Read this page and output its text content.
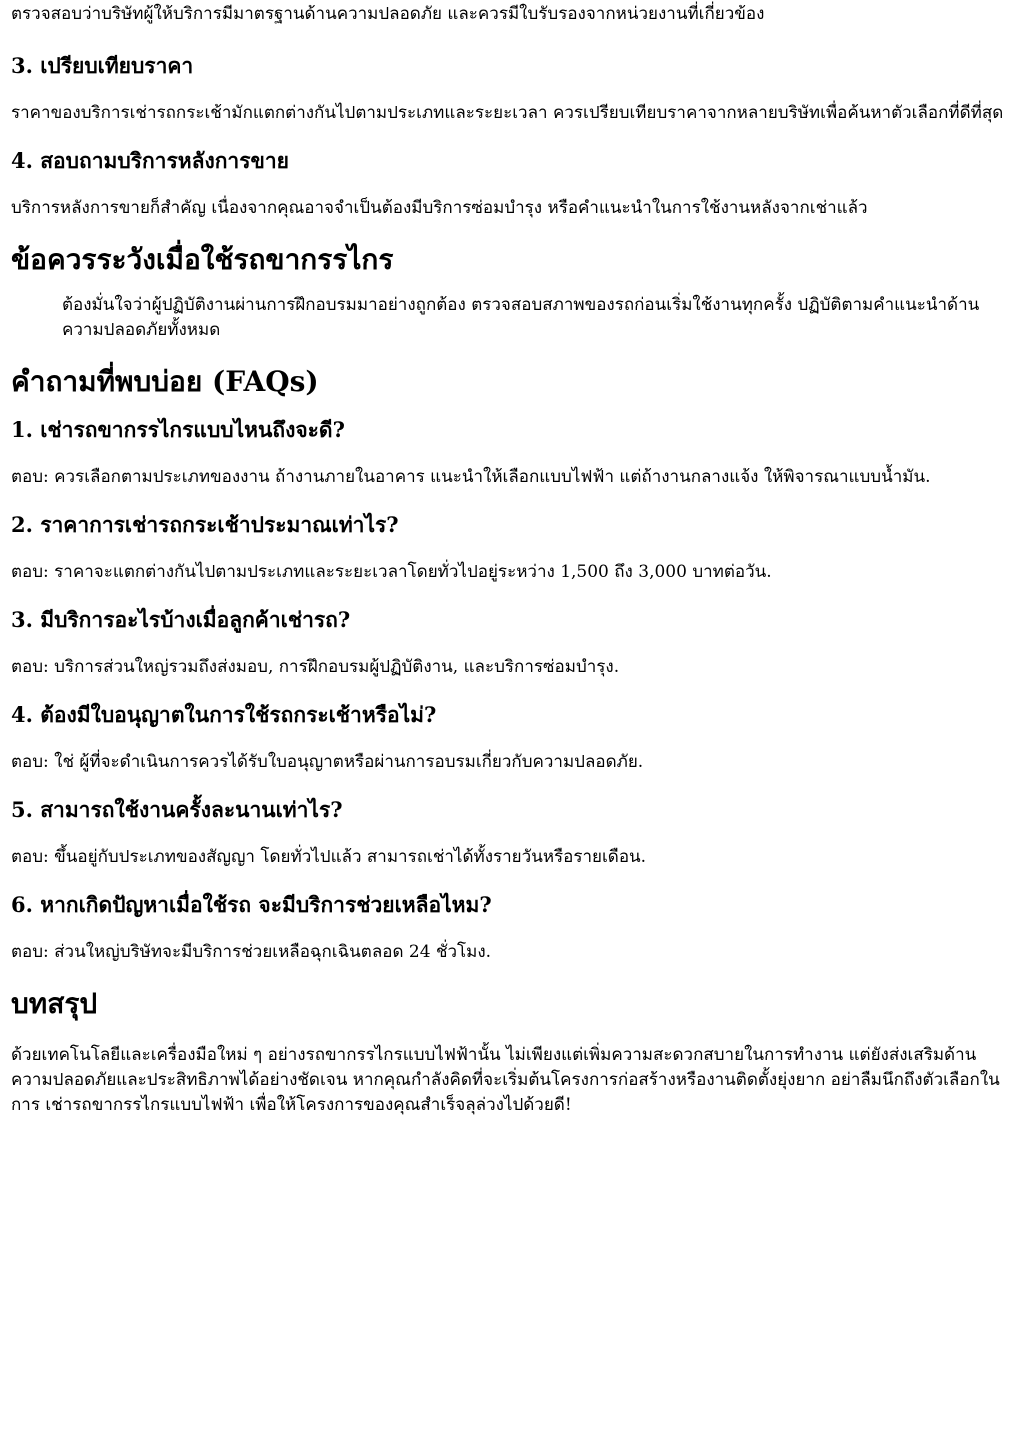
ตรวจสอบว่าบริษัทผู้ให้บริการมีมาตรฐานด้านความปลอดภัย และควรมีใบรับรองจากหน่วยงานที่เกี่ยวข้อง

3. เปรียบเทียบราคา

ราคาของบริการเช่ารถกระเช้ามักแตกต่างกันไปตามประเภทและระยะเวลา ควรเปรียบเทียบราคาจากหลายบริษัทเพื่อค้นหาตัวเลือกที่ดีที่สุด

4. สอบถามบริการหลังการขาย

บริการหลังการขายก็สำคัญ เนื่องจากคุณอาจจำเป็นต้องมีบริการซ่อมบำรุง หรือคำแนะนำในการใช้งานหลังจากเช่าแล้ว

ข้อควรระวังเมื่อใช้รถขากรรไกร
ต้องมั่นใจว่าผู้ปฏิบัติงานผ่านการฝึกอบรมมาอย่างถูกต้อง ตรวจสอบสภาพของรถก่อนเริ่มใช้งานทุกครั้ง ปฏิบัติตามคำแนะนำด้านความปลอดภัยทั้งหมด
คำถามที่พบบ่อย (FAQs)
1. เช่ารถขากรรไกรแบบไหนถึงจะดี?

ตอบ: ควรเลือกตามประเภทของงาน ถ้างานภายในอาคาร แนะนำให้เลือกแบบไฟฟ้า แต่ถ้างานกลางแจ้ง ให้พิจารณาแบบน้ำมัน.

2. ราคาการเช่ารถกระเช้าประมาณเท่าไร?

ตอบ: ราคาจะแตกต่างกันไปตามประเภทและระยะเวลาโดยทั่วไปอยู่ระหว่าง 1,500 ถึง 3,000 บาทต่อวัน.

3. มีบริการอะไรบ้างเมื่อลูกค้าเช่ารถ?

ตอบ: บริการส่วนใหญ่รวมถึงส่งมอบ, การฝึกอบรมผู้ปฏิบัติงาน, และบริการซ่อมบำรุง.

4. ต้องมีใบอนุญาตในการใช้รถกระเช้าหรือไม่?

ตอบ: ใช่ ผู้ที่จะดำเนินการควรได้รับใบอนุญาตหรือผ่านการอบรมเกี่ยวกับความปลอดภัย.

5. สามารถใช้งานครั้งละนานเท่าไร?

ตอบ: ขึ้นอยู่กับประเภทของสัญญา โดยทั่วไปแล้ว สามารถเช่าได้ทั้งรายวันหรือรายเดือน.

6. หากเกิดปัญหาเมื่อใช้รถ จะมีบริการช่วยเหลือไหม?

ตอบ: ส่วนใหญ่บริษัทจะมีบริการช่วยเหลือฉุกเฉินตลอด 24 ชั่วโมง.

บทสรุป

ด้วยเทคโนโลยีและเครื่องมือใหม่ ๆ อย่างรถขากรรไกรแบบไฟฟ้านั้น ไม่เพียงแต่เพิ่มความสะดวกสบายในการทำงาน แต่ยังส่งเสริมด้านความปลอดภัยและประสิทธิภาพได้อย่างชัดเจน หากคุณกำลังคิดที่จะเริ่มต้นโครงการก่อสร้างหรืองานติดตั้งยุ่งยาก อย่าลืมนึกถึงตัวเลือกในการ เช่ารถขากรรไกรแบบไฟฟ้า เพื่อให้โครงการของคุณสำเร็จลุล่วงไปด้วยดี!
